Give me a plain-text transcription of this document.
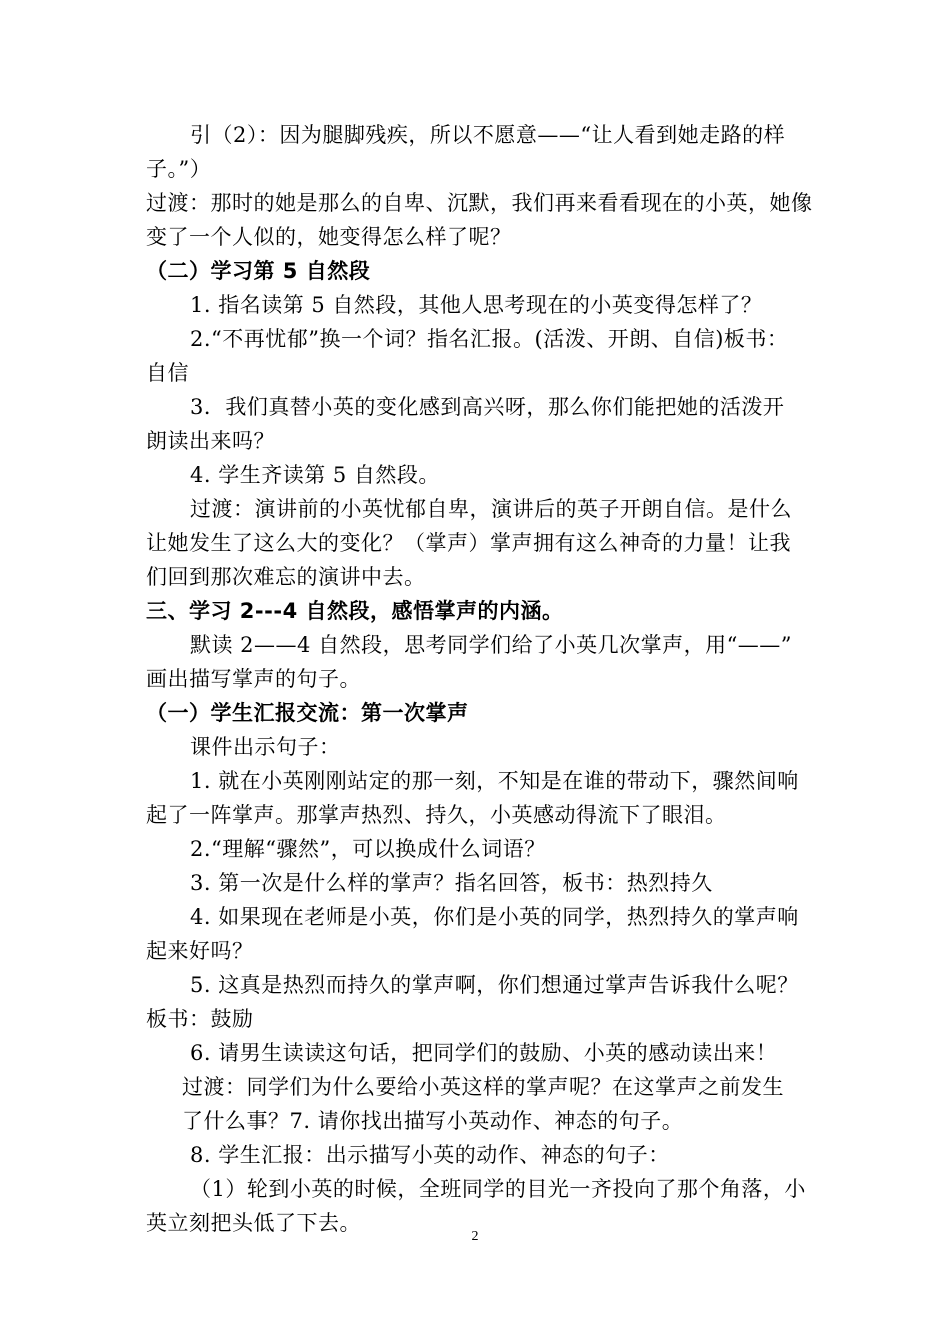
引（2）：因为腿脚残疾，所以不愿意——“让人看到她走路的样
子。”）
过渡：那时的她是那么的自卑、沉默，我们再来看看现在的小英，她像
变了一个人似的，她变得怎么样了呢？
（二）学习第 5 自然段
1. 指名读第 5 自然段，其他人思考现在的小英变得怎样了？
2.“不再忧郁”换一个词？指名汇报。(活泼、开朗、自信)板书：
自信
3．我们真替小英的变化感到高兴呀，那么你们能把她的活泼开
朗读出来吗？
4. 学生齐读第 5 自然段。
过渡：演讲前的小英忧郁自卑，演讲后的英子开朗自信。是什么
让她发生了这么大的变化？（掌声）掌声拥有这么神奇的力量！让我
们回到那次难忘的演讲中去。
三、学习 2---4 自然段，感悟掌声的内涵。
默读 2——4 自然段，思考同学们给了小英几次掌声，用“——”
画出描写掌声的句子。
（一）学生汇报交流：第一次掌声
课件出示句子：
1. 就在小英刚刚站定的那一刻，不知是在谁的带动下，骤然间响
起了一阵掌声。那掌声热烈、持久，小英感动得流下了眼泪。
2.“理解“骤然”，可以换成什么词语？
3. 第一次是什么样的掌声？指名回答，板书：热烈持久
4. 如果现在老师是小英，你们是小英的同学，热烈持久的掌声响
起来好吗？
5. 这真是热烈而持久的掌声啊，你们想通过掌声告诉我什么呢？
板书：鼓励
6. 请男生读读这句话，把同学们的鼓励、小英的感动读出来！
过渡：同学们为什么要给小英这样的掌声呢？在这掌声之前发生
了什么事？7. 请你找出描写小英动作、神态的句子。
8. 学生汇报：出示描写小英的动作、神态的句子：
（1）轮到小英的时候，全班同学的目光一齐投向了那个角落，小
英立刻把头低了下去。
2
